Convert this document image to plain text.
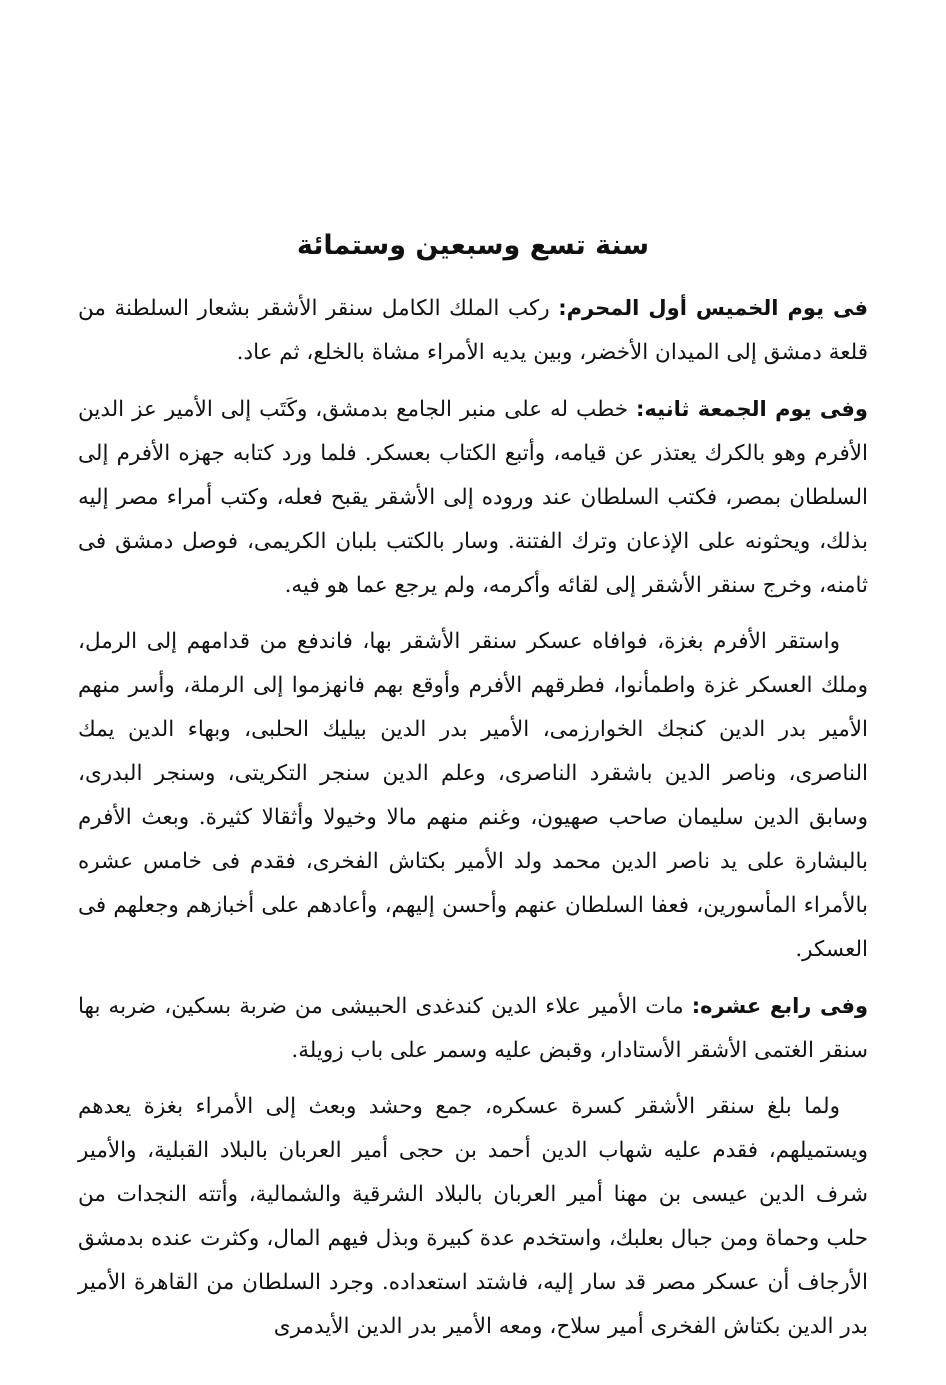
سنة تسع وسبعين وستمائة

فى يوم الخميس أول المحرم: ركب الملك الكامل سنقر الأشقر بشعار السلطنة من قلعة دمشق إلى الميدان الأخضر، وبين يديه الأمراء مشاة بالخلع، ثم عاد.

وفى يوم الجمعة ثانيه: خطب له على منبر الجامع بدمشق، وكَتَب إلى الأمير عز الدين الأفرم وهو بالكرك يعتذر عن قيامه، وأتبع الكتاب بعسكر. فلما ورد كتابه جهزه الأفرم إلى السلطان بمصر، فكتب السلطان عند وروده إلى الأشقر يقبح فعله، وكتب أمراء مصر إليه بذلك، ويحثونه على الإذعان وترك الفتنة. وسار بالكتب بلبان الكريمى، فوصل دمشق فى ثامنه، وخرج سنقر الأشقر إلى لقائه وأكرمه، ولم يرجع عما هو فيه.

واستقر الأفرم بغزة، فوافاه عسكر سنقر الأشقر بها، فاندفع من قدامهم إلى الرمل، وملك العسكر غزة واطمأنوا، فطرقهم الأفرم وأوقع بهم فانهزموا إلى الرملة، وأسر منهم الأمير بدر الدين كنجك الخوارزمى، الأمير بدر الدين بيليك الحلبى، وبهاء الدين يمك الناصرى، وناصر الدين باشقرد الناصرى، وعلم الدين سنجر التكريتى، وسنجر البدرى، وسابق الدين سليمان صاحب صهيون، وغنم منهم مالا وخيولا وأثقالا كثيرة. وبعث الأفرم بالبشارة على يد ناصر الدين محمد ولد الأمير بكتاش الفخرى، فقدم فى خامس عشره بالأمراء المأسورين، فعفا السلطان عنهم وأحسن إليهم، وأعادهم على أخبازهم وجعلهم فى العسكر.

وفى رابع عشره: مات الأمير علاء الدين كندغدى الحبيشى من ضربة بسكين، ضربه بها سنقر الغتمى الأشقر الأستادار، وقبض عليه وسمر على باب زويلة.

ولما بلغ سنقر الأشقر كسرة عسكره، جمع وحشد وبعث إلى الأمراء بغزة يعدهم ويستميلهم، فقدم عليه شهاب الدين أحمد بن حجى أمير العربان بالبلاد القبلية، والأمير شرف الدين عيسى بن مهنا أمير العربان بالبلاد الشرقية والشمالية، وأتته النجدات من حلب وحماة ومن جبال بعلبك، واستخدم عدة كبيرة وبذل فيهم المال، وكثرت عنده بدمشق الأرجاف أن عسكر مصر قد سار إليه، فاشتد استعداده. وجرد السلطان من القاهرة الأمير بدر الدين بكتاش الفخرى أمير سلاح، ومعه الأمير بدر الدين الأيدمرى
